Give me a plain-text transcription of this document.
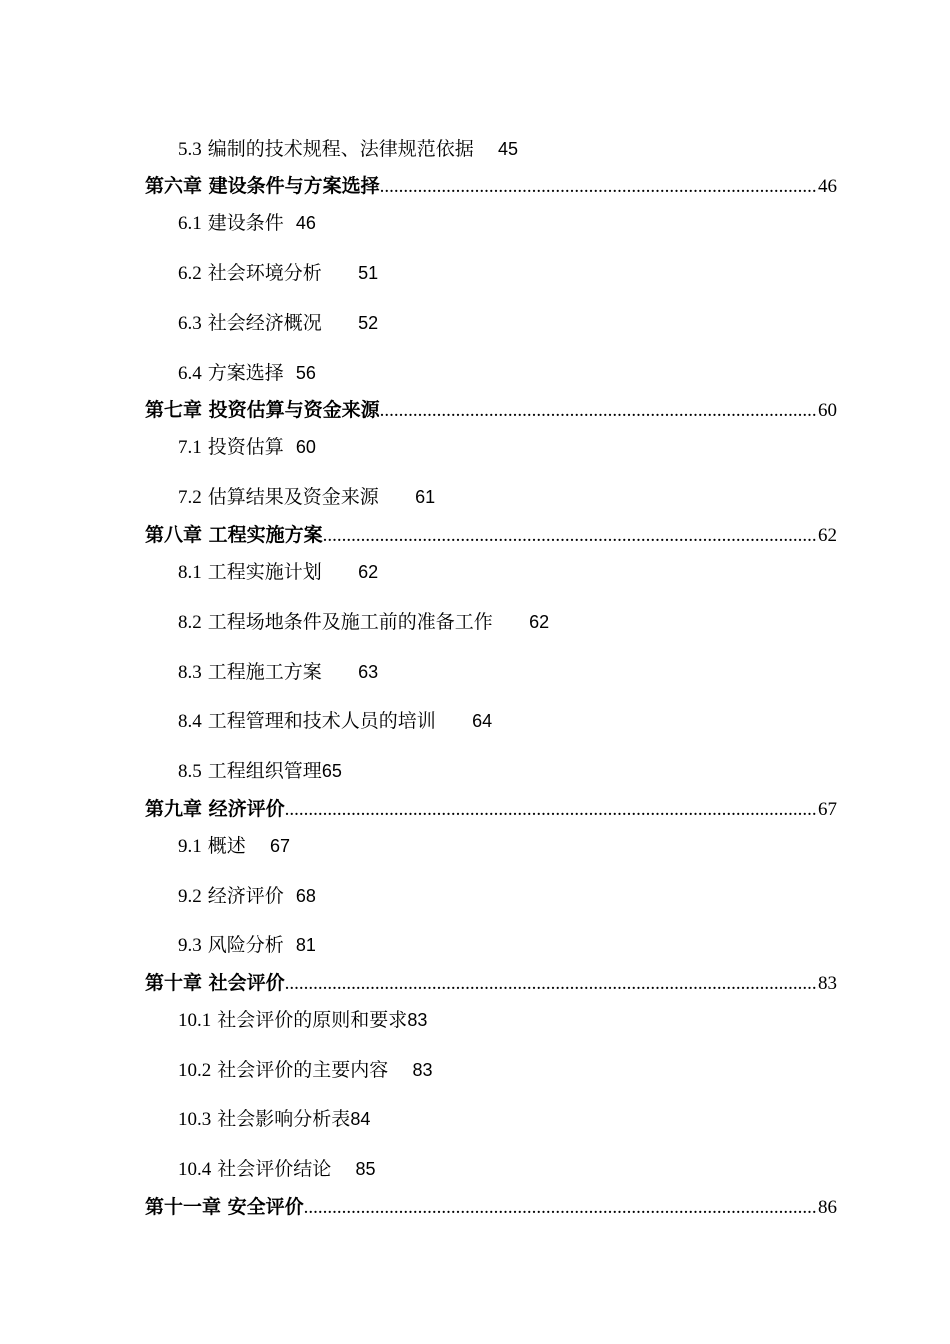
5.3 编制的技术规程、法律规范依据 45
第六章 建设条件与方案选择 .....	46
6.1 建设条件 46
6.2 社会环境分析 51
6.3 社会经济概况 52
6.4 方案选择 56
第七章 投资估算与资金来源 .....	60
7.1 投资估算 60
7.2 估算结果及资金来源 61
第八章 工程实施方案 .....	62
8.1 工程实施计划 62
8.2 工程场地条件及施工前的准备工作 62
8.3 工程施工方案 63
8.4 工程管理和技术人员的培训 64
8.5 工程组织管理65
第九章 经济评价 .....	67
9.1 概述 67
9.2 经济评价 68
9.3 风险分析 81
第十章 社会评价 .....	83
10.1 社会评价的原则和要求83
10.2 社会评价的主要内容 83
10.3 社会影响分析表84
10.4 社会评价结论 85
第十一章 安全评价 .....	86
